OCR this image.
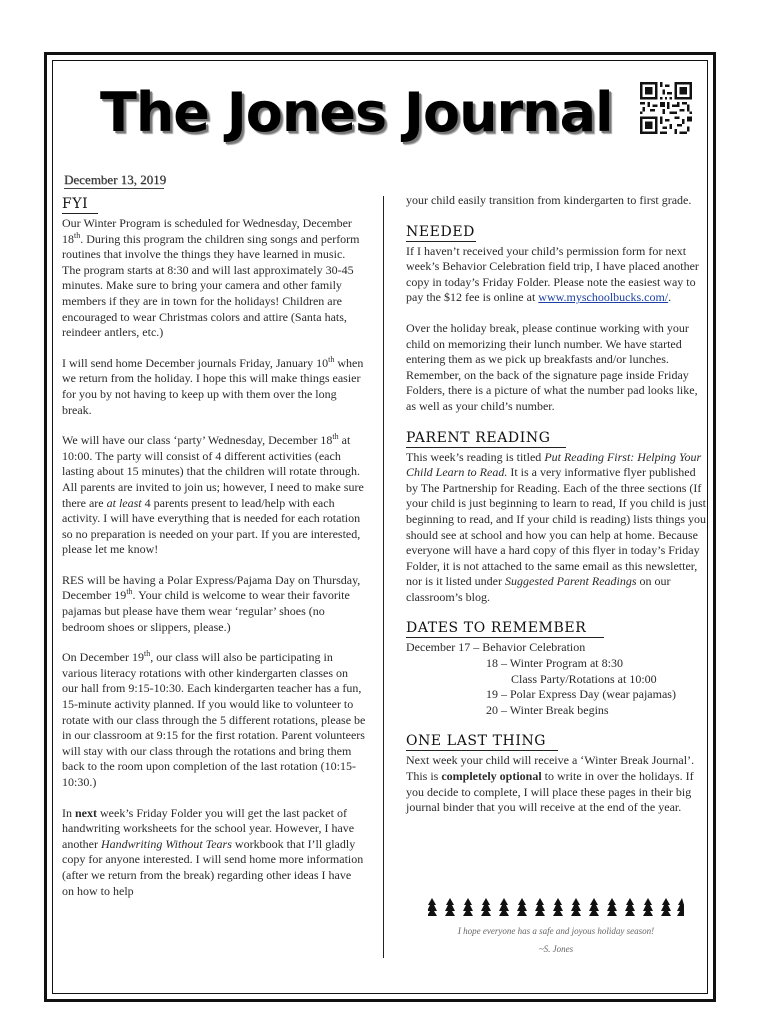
The Jones Journal
December 13, 2019
FYI

Our Winter Program is scheduled for Wednesday, December 18th. During this program the children sing songs and perform routines that involve the things they have learned in music. The program starts at 8:30 and will last approximately 30-45 minutes. Make sure to bring your camera and other family members if they are in town for the holidays! Children are encouraged to wear Christmas colors and attire (Santa hats, reindeer antlers, etc.)

I will send home December journals Friday, January 10th when we return from the holiday. I hope this will make things easier for you by not having to keep up with them over the long break.

We will have our class ‘party’ Wednesday, December 18th at 10:00. The party will consist of 4 different activities (each lasting about 15 minutes) that the children will rotate through. All parents are invited to join us; however, I need to make sure there are at least 4 parents present to lead/help with each activity. I will have everything that is needed for each rotation so no preparation is needed on your part. If you are interested, please let me know!

RES will be having a Polar Express/Pajama Day on Thursday, December 19th. Your child is welcome to wear their favorite pajamas but please have them wear ‘regular’ shoes (no bedroom shoes or slippers, please.)

On December 19th, our class will also be participating in various literacy rotations with other kindergarten classes on our hall from 9:15-10:30. Each kindergarten teacher has a fun, 15-minute activity planned. If you would like to volunteer to rotate with our class through the 5 different rotations, please be in our classroom at 9:15 for the first rotation. Parent volunteers will stay with our class through the rotations and bring them back to the room upon completion of the last rotation (10:15-10:30.)

In next week’s Friday Folder you will get the last packet of handwriting worksheets for the school year. However, I have another Handwriting Without Tears workbook that I’ll gladly copy for anyone interested. I will send home more information (after we return from the break) regarding other ideas I have on how to help

your child easily transition from kindergarten to first grade.

NEEDED

If I haven’t received your child’s permission form for next week’s Behavior Celebration field trip, I have placed another copy in today’s Friday Folder. Please note the easiest way to pay the $12 fee is online at www.myschoolbucks.com/.

Over the holiday break, please continue working with your child on memorizing their lunch number. We have started entering them as we pick up breakfasts and/or lunches. Remember, on the back of the signature page inside Friday Folders, there is a picture of what the number pad looks like, as well as your child’s number.

PARENT READING

This week’s reading is titled Put Reading First: Helping Your Child Learn to Read. It is a very informative flyer published by The Partnership for Reading. Each of the three sections (If your child is just beginning to learn to read, If you child is just beginning to read, and If your child is reading) lists things you should see at school and how you can help at home. Because everyone will have a hard copy of this flyer in today’s Friday Folder, it is not attached to the same email as this newsletter, nor is it listed under Suggested Parent Readings on our classroom’s blog.

DATES TO REMEMBER
December 17 – Behavior Celebration
18 – Winter Program at 8:30
Class Party/Rotations at 10:00
19 – Polar Express Day (wear pajamas)
20 – Winter Break begins
ONE LAST THING

Next week your child will receive a ‘Winter Break Journal’. This is completely optional to write in over the holidays. If you decide to complete, I will place these pages in their big journal binder that you will receive at the end of the year.

I hope everyone has a safe and joyous holiday season!
~S. Jones
